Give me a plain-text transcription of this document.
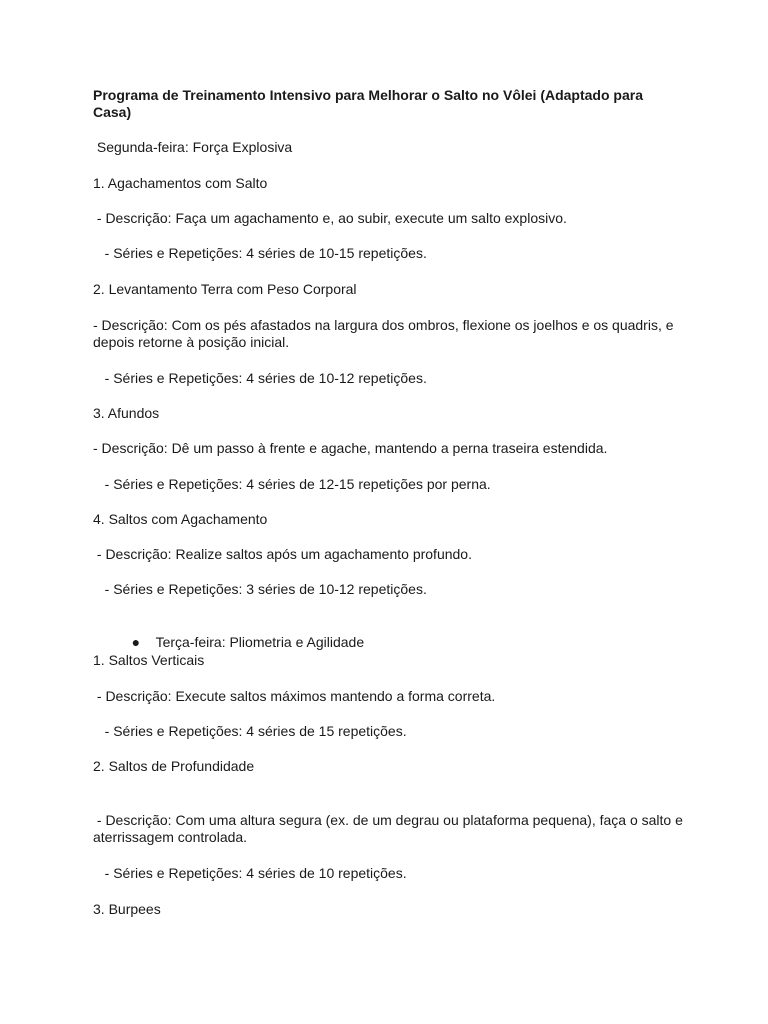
Programa de Treinamento Intensivo para Melhorar o Salto no Vôlei (Adaptado para Casa)
Segunda-feira: Força Explosiva
1. Agachamentos com Salto
- Descrição: Faça um agachamento e, ao subir, execute um salto explosivo.
- Séries e Repetições: 4 séries de 10-15 repetições.
2. Levantamento Terra com Peso Corporal
- Descrição: Com os pés afastados na largura dos ombros, flexione os joelhos e os quadris, e depois retorne à posição inicial.
- Séries e Repetições: 4 séries de 10-12 repetições.
3. Afundos
- Descrição: Dê um passo à frente e agache, mantendo a perna traseira estendida.
- Séries e Repetições: 4 séries de 12-15 repetições por perna.
4. Saltos com Agachamento
- Descrição: Realize saltos após um agachamento profundo.
- Séries e Repetições: 3 séries de 10-12 repetições.

● Terça-feira: Pliometria e Agilidade

1. Saltos Verticais
- Descrição: Execute saltos máximos mantendo a forma correta.
- Séries e Repetições: 4 séries de 15 repetições.
2. Saltos de Profundidade
- Descrição: Com uma altura segura (ex. de um degrau ou plataforma pequena), faça o salto e aterrissagem controlada.
- Séries e Repetições: 4 séries de 10 repetições.
3. Burpees
